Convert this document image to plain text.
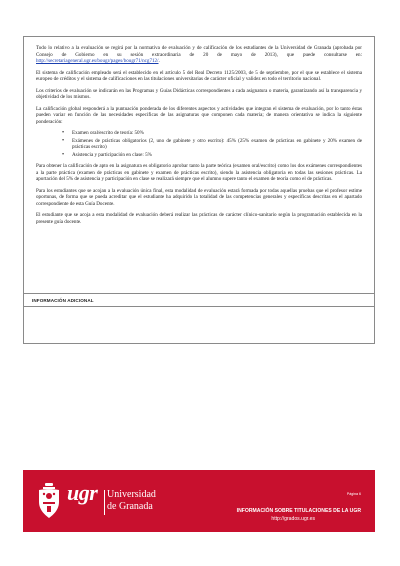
Todo lo relativo a la evaluación se regirá por la normativa de evaluación y de calificación de los estudiantes de la Universidad de Granada (aprobada por Consejo de Gobierno en su sesión extraordinaria de 20 de mayo de 2013), que puede consultarse en: http://secretariageneral.ugr.es/bougr/pages/bougr71/ncg712/.

El sistema de calificación empleado será el establecido en el artículo 5 del Real Decreto 1125/2003, de 5 de septiembre, por el que se establece el sistema europeo de créditos y el sistema de calificaciones en las titulaciones universitarias de carácter oficial y validez en todo el territorio nacional.

Los criterios de evaluación se indicarán en las Programas y Guías Didácticas correspondientes a cada asignatura o materia, garantizando así la transparencia y objetividad de los mismos.

La calificación global responderá a la puntuación ponderada de los diferentes aspectos y actividades que integran el sistema de evaluación, por lo tanto éstas pueden variar en función de las necesidades específicas de las asignaturas que componen cada materia; de manera orientativa se indica la siguiente ponderación:

• Examen oral/escrito de teoría: 50%
• Exámenes de prácticas obligatorios (2, uno de gabinete y otro escrito): 45% (25% examen de prácticas en gabinete y 20% examen de prácticas escrito)
• Asistencia y participación en clase: 5%

Para obtener la calificación de apto en la asignatura es obligatorio aprobar tanto la parte teórica (examen oral/escrito) como los dos exámenes correspondientes a la parte práctica (examen de prácticas en gabinete y examen de prácticas escrito), siendo la asistencia obligatoria en todas las sesiones prácticas. La aportación del 5% de asistencia y participación en clase se realizará siempre que el alumno supere tanto el examen de teoría como el de prácticas.

Para los estudiantes que se acojan a la evaluación única final, esta modalidad de evaluación estará formada por todas aquellas pruebas que el profesor estime oportunas, de forma que se pueda acreditar que el estudiante ha adquirido la totalidad de las competencias generales y específicas descritas en el apartado correspondiente de esta Guía Docente.

El estudiante que se acoja a esta modalidad de evaluación deberá realizar las prácticas de carácter clínico-sanitario según la programación establecida en la presente guía docente.

INFORMACIÓN ADICIONAL
ugr Universidad
de Granada
Página 6
INFORMACIÓN SOBRE TITULACIONES DE LA UGR
http://grados.ugr.es
